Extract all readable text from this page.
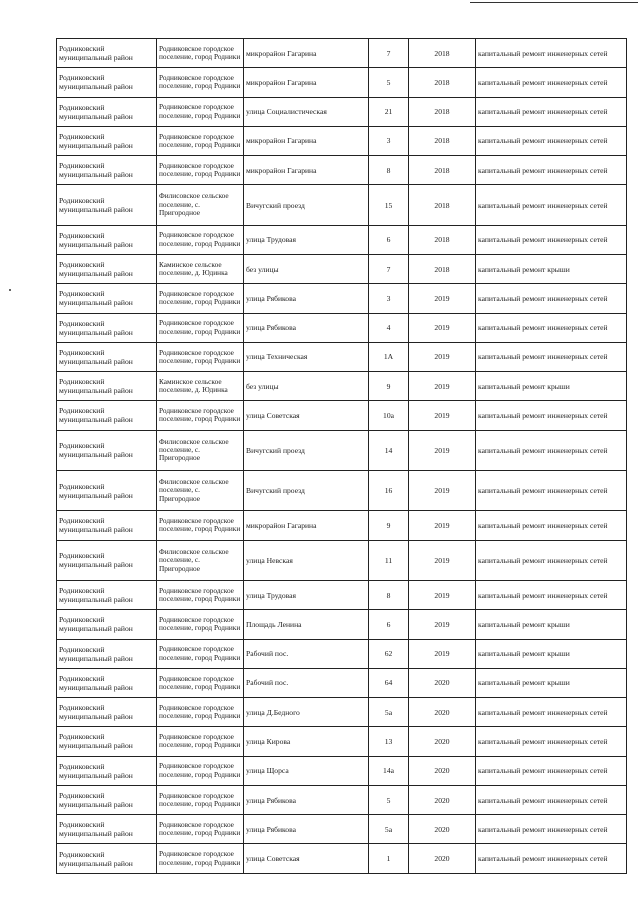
Родниковский муниципальный район	Родниковское городское поселение, город Родники	микрорайон Гагарина	7	2018	капитальный ремонт инженерных сетей
Родниковский муниципальный район	Родниковское городское поселение, город Родники	микрорайон Гагарина	5	2018	капитальный ремонт инженерных сетей
Родниковский муниципальный район	Родниковское городское поселение, город Родники	улица Социалистическая	21	2018	капитальный ремонт инженерных сетей
Родниковский муниципальный район	Родниковское городское поселение, город Родники	микрорайон Гагарина	3	2018	капитальный ремонт инженерных сетей
Родниковский муниципальный район	Родниковское городское поселение, город Родники	микрорайон Гагарина	8	2018	капитальный ремонт инженерных сетей
Родниковский муниципальный район	Филисовское сельское поселение, с. Пригородное	Вичугский проезд	15	2018	капитальный ремонт инженерных сетей
Родниковский муниципальный район	Родниковское городское поселение, город Родники	улица Трудовая	6	2018	капитальный ремонт инженерных сетей
Родниковский муниципальный район	Каминское сельское поселение, д. Юдинка	без улицы	7	2018	капитальный ремонт крыши
Родниковский муниципальный район	Родниковское городское поселение, город Родники	улица Рябикова	3	2019	капитальный ремонт инженерных сетей
Родниковский муниципальный район	Родниковское городское поселение, город Родники	улица Рябикова	4	2019	капитальный ремонт инженерных сетей
Родниковский муниципальный район	Родниковское городское поселение, город Родники	улица Техническая	1А	2019	капитальный ремонт инженерных сетей
Родниковский муниципальный район	Каминское сельское поселение, д. Юдинка	без улицы	9	2019	капитальный ремонт крыши
Родниковский муниципальный район	Родниковское городское поселение, город Родники	улица Советская	10а	2019	капитальный ремонт инженерных сетей
Родниковский муниципальный район	Филисовское сельское поселение, с. Пригородное	Вичугский проезд	14	2019	капитальный ремонт инженерных сетей
Родниковский муниципальный район	Филисовское сельское поселение, с. Пригородное	Вичугский проезд	16	2019	капитальный ремонт инженерных сетей
Родниковский муниципальный район	Родниковское городское поселение, город Родники	микрорайон Гагарина	9	2019	капитальный ремонт инженерных сетей
Родниковский муниципальный район	Филисовское сельское поселение, с. Пригородное	улица Невская	11	2019	капитальный ремонт инженерных сетей
Родниковский муниципальный район	Родниковское городское поселение, город Родники	улица Трудовая	8	2019	капитальный ремонт инженерных сетей
Родниковский муниципальный район	Родниковское городское поселение, город Родники	Площадь Ленина	6	2019	капитальный ремонт крыши
Родниковский муниципальный район	Родниковское городское поселение, город Родники	Рабочий пос.	62	2019	капитальный ремонт крыши
Родниковский муниципальный район	Родниковское городское поселение, город Родники	Рабочий пос.	64	2020	капитальный ремонт крыши
Родниковский муниципальный район	Родниковское городское поселение, город Родники	улица Д.Бедного	5а	2020	капитальный ремонт инженерных сетей
Родниковский муниципальный район	Родниковское городское поселение, город Родники	улица Кирова	13	2020	капитальный ремонт инженерных сетей
Родниковский муниципальный район	Родниковское городское поселение, город Родники	улица Щорса	14а	2020	капитальный ремонт инженерных сетей
Родниковский муниципальный район	Родниковское городское поселение, город Родники	улица Рябикова	5	2020	капитальный ремонт инженерных сетей
Родниковский муниципальный район	Родниковское городское поселение, город Родники	улица Рябикова	5а	2020	капитальный ремонт инженерных сетей
Родниковский муниципальный район	Родниковское городское поселение, город Родники	улица Советская	1	2020	капитальный ремонт инженерных сетей
